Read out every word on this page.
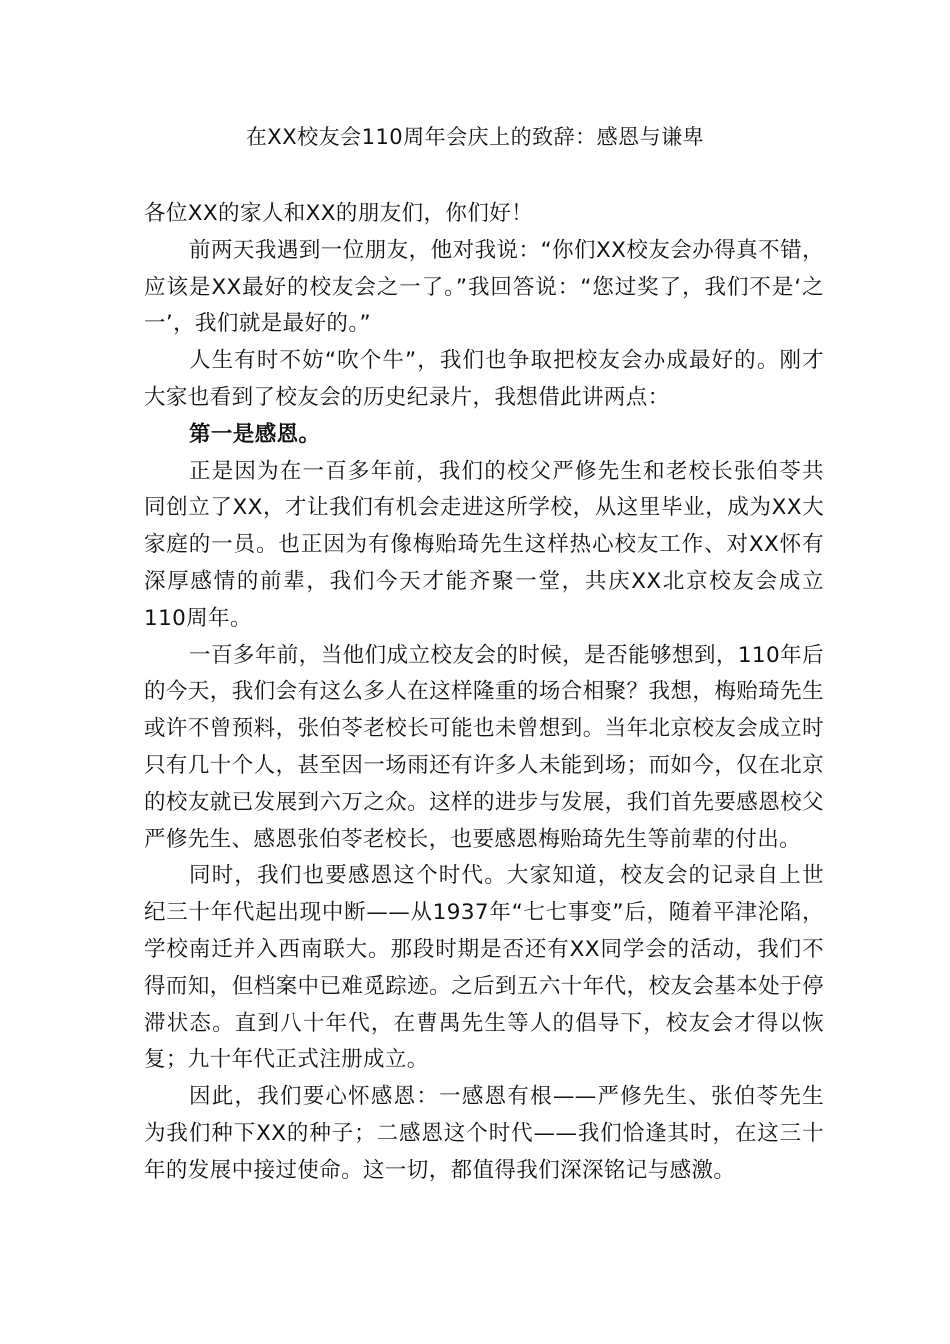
在XX校友会110周年会庆上的致辞：感恩与谦卑

各位XX的家人和XX的朋友们，你们好！

前两天我遇到一位朋友，他对我说：“你们XX校友会办得真不错，应该是XX最好的校友会之一了。”我回答说：“您过奖了，我们不是‘之一’，我们就是最好的。”

人生有时不妨“吹个牛”，我们也争取把校友会办成最好的。刚才大家也看到了校友会的历史纪录片，我想借此讲两点：

第一是感恩。

正是因为在一百多年前，我们的校父严修先生和老校长张伯苓共同创立了XX，才让我们有机会走进这所学校，从这里毕业，成为XX大家庭的一员。也正因为有像梅贻琦先生这样热心校友工作、对XX怀有深厚感情的前辈，我们今天才能齐聚一堂，共庆XX北京校友会成立110周年。

一百多年前，当他们成立校友会的时候，是否能够想到，110年后的今天，我们会有这么多人在这样隆重的场合相聚？我想，梅贻琦先生或许不曾预料，张伯苓老校长可能也未曾想到。当年北京校友会成立时只有几十个人，甚至因一场雨还有许多人未能到场；而如今，仅在北京的校友就已发展到六万之众。这样的进步与发展，我们首先要感恩校父严修先生、感恩张伯苓老校长，也要感恩梅贻琦先生等前辈的付出。

同时，我们也要感恩这个时代。大家知道，校友会的记录自上世纪三十年代起出现中断——从1937年“七七事变”后，随着平津沦陷，学校南迁并入西南联大。那段时期是否还有XX同学会的活动，我们不得而知，但档案中已难觅踪迹。之后到五六十年代，校友会基本处于停滞状态。直到八十年代，在曹禺先生等人的倡导下，校友会才得以恢复；九十年代正式注册成立。

因此，我们要心怀感恩：一感恩有根——严修先生、张伯苓先生为我们种下XX的种子；二感恩这个时代——我们恰逢其时，在这三十年的发展中接过使命。这一切，都值得我们深深铭记与感激。
